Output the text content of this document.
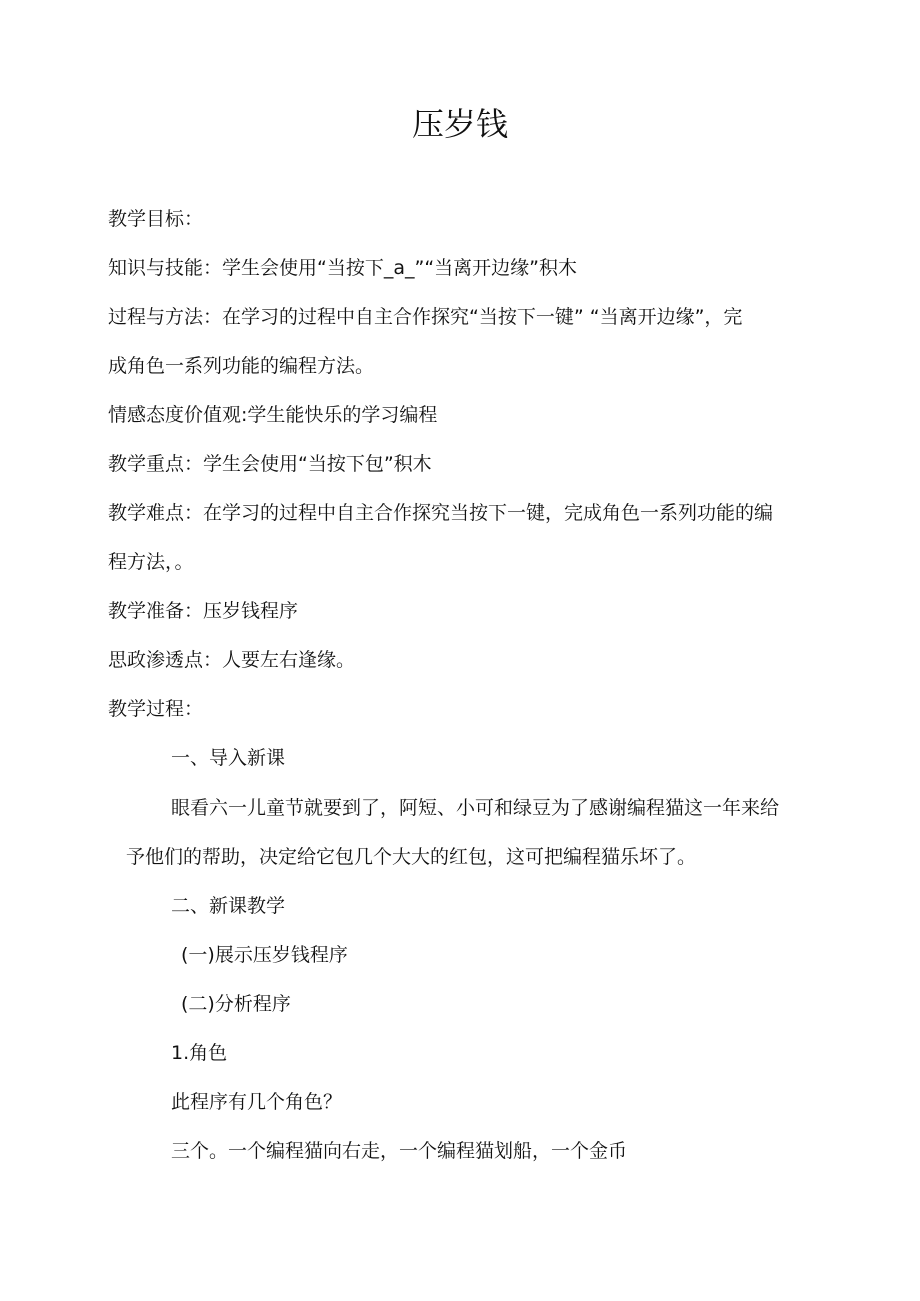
压岁钱
教学目标：
知识与技能：学生会使用“当按下_a_”“当离开边缘”积木
过程与方法：在学习的过程中自主合作探究“当按下一键” “当离开边缘”，完
成角色一系列功能的编程方法。
情感态度价值观:学生能快乐的学习编程
教学重点：学生会使用“当按下包”积木
教学难点：在学习的过程中自主合作探究当按下一键，完成角色一系列功能的编
程方法，。
教学准备：压岁钱程序
思政渗透点：人要左右逢缘。
教学过程：
一、导入新课
眼看六一儿童节就要到了，阿短、小可和绿豆为了感谢编程猫这一年来给
予他们的帮助，决定给它包几个大大的红包，这可把编程猫乐坏了。
二、新课教学
(一)展示压岁钱程序
(二)分析程序
1.角色
此程序有几个角色？
三个。一个编程猫向右走，一个编程猫划船，一个金币
